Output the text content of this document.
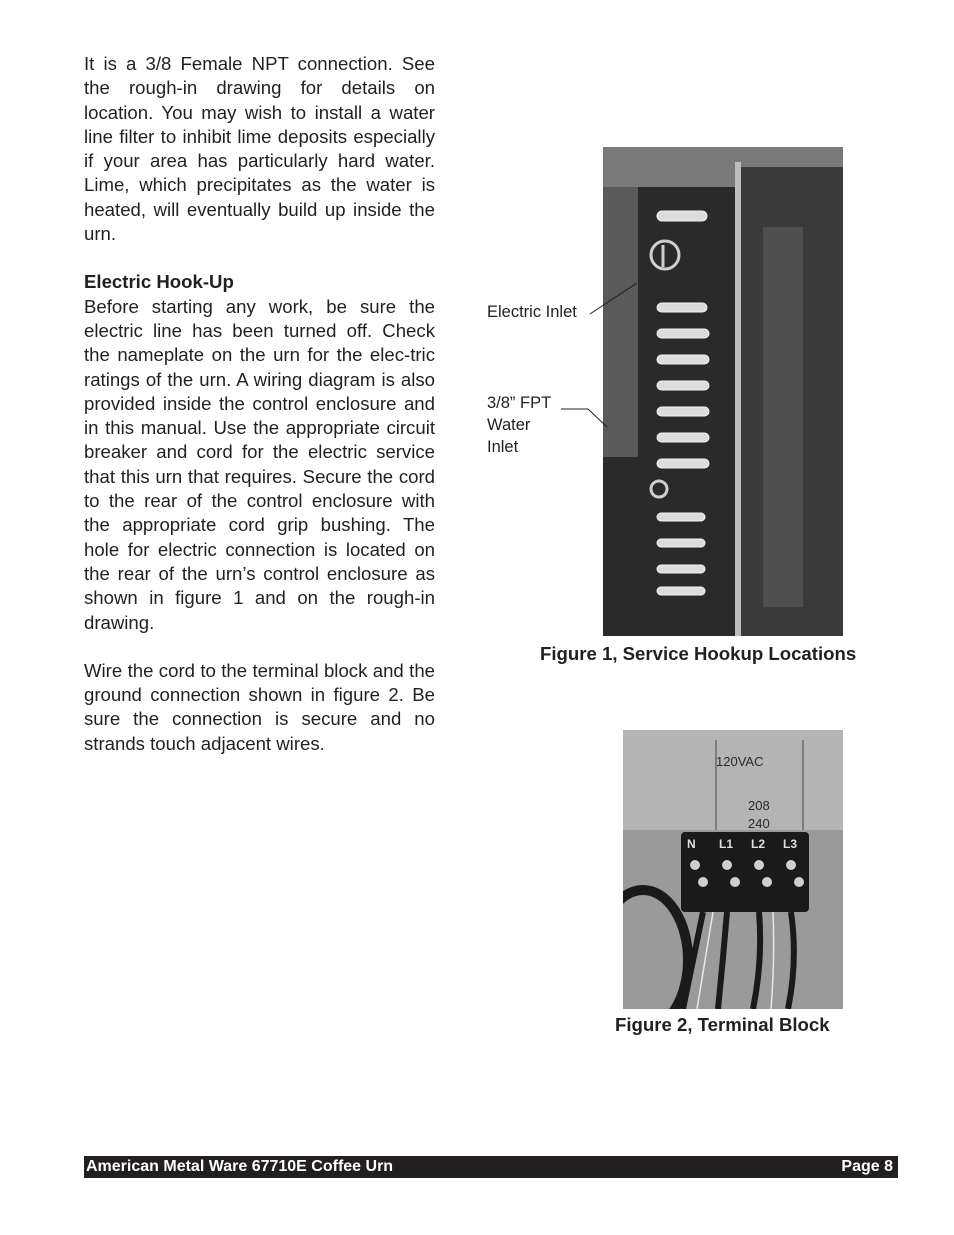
It is a 3/8 Female NPT connection. See the rough-in drawing for details on location. You may wish to install a water line filter to inhibit lime deposits especially if your area has particularly hard water. Lime, which precipitates as the water is heated, will eventually build up inside the urn.

Electric Hook-Up

Before starting any work, be sure the electric line has been turned off. Check the nameplate on the urn for the elec-tric ratings of the urn. A wiring diagram is also provided inside the control enclosure and in this manual. Use the appropriate circuit breaker and cord for the electric service that this urn that requires. Secure the cord to the rear of the control enclosure with the appropriate cord grip bushing. The hole for electric connection is located on the rear of the urn’s control enclosure as shown in figure 1 and on the rough-in drawing.

Wire the cord to the terminal block and the ground connection shown in figure 2. Be sure the connection is secure and no strands touch adjacent wires.

Electric Inlet
3/8” FPT
Water
Inlet
Figure 1, Service Hookup Locations
120VAC
208
240
N L1 L2 L3
Figure 2, Terminal Block
American Metal Ware 67710E Coffee Urn	Page 8
